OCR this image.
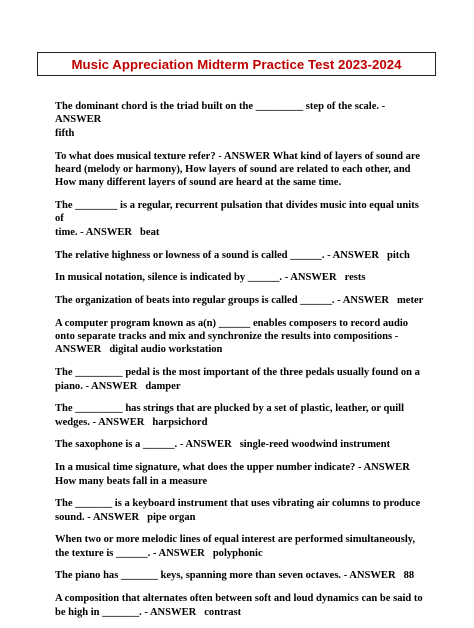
Music Appreciation Midterm Practice Test 2023-2024
The dominant chord is the triad built on the _________ step of the scale. - ANSWER
fifth
To what does musical texture refer? - ANSWER What kind of layers of sound are
heard (melody or harmony), How layers of sound are related to each other, and
How many different layers of sound are heard at the same time.
The ________ is a regular, recurrent pulsation that divides music into equal units of
time. - ANSWER beat
The relative highness or lowness of a sound is called ______. - ANSWER pitch
In musical notation, silence is indicated by ______. - ANSWER rests
The organization of beats into regular groups is called ______. - ANSWER meter
A computer program known as a(n) ______ enables composers to record audio
onto separate tracks and mix and synchronize the results into compositions -
ANSWER digital audio workstation
The _________ pedal is the most important of the three pedals usually found on a
piano. - ANSWER damper
The _________ has strings that are plucked by a set of plastic, leather, or quill
wedges. - ANSWER harpsichord
The saxophone is a ______. - ANSWER single-reed woodwind instrument
In a musical time signature, what does the upper number indicate? - ANSWER
How many beats fall in a measure
The _______ is a keyboard instrument that uses vibrating air columns to produce
sound. - ANSWER pipe organ
When two or more melodic lines of equal interest are performed simultaneously,
the texture is ______. - ANSWER polyphonic
The piano has _______ keys, spanning more than seven octaves. - ANSWER 88
A composition that alternates often between soft and loud dynamics can be said to
be high in _______. - ANSWER contrast
